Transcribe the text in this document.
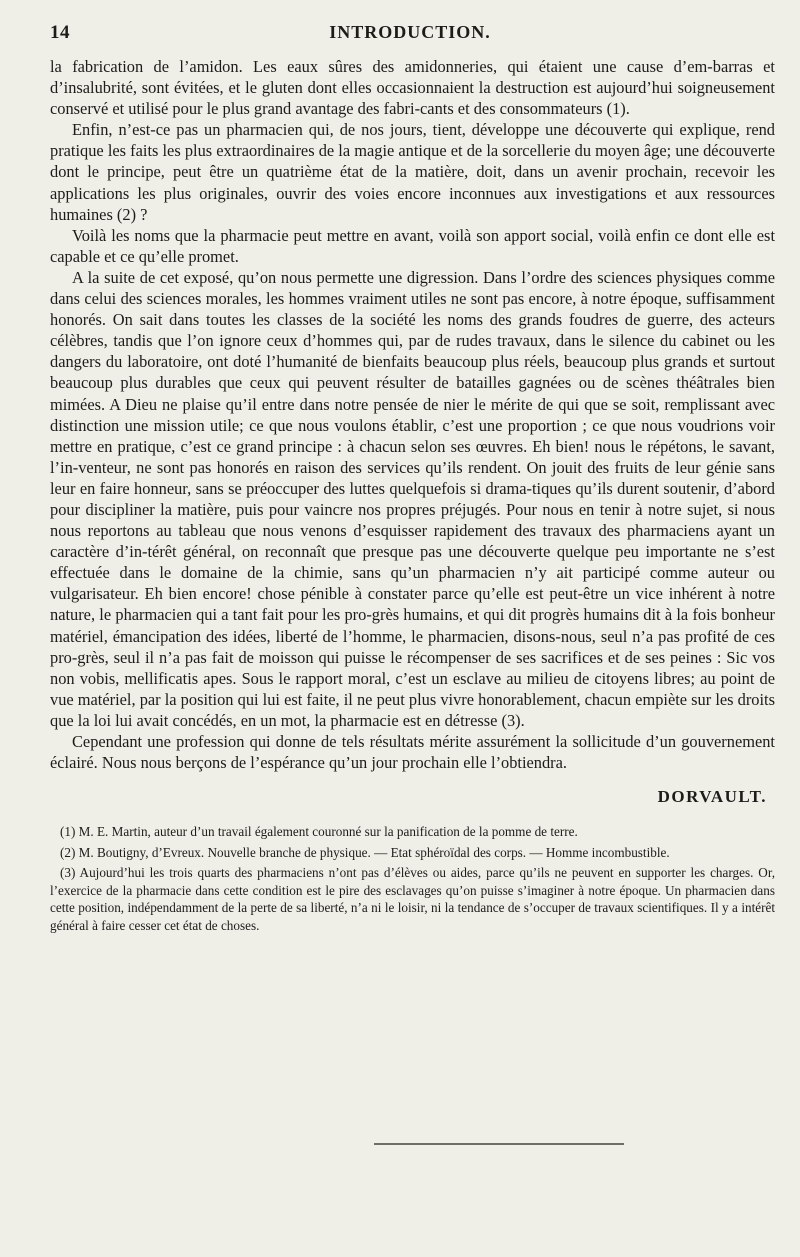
14	INTRODUCTION.

la fabrication de l’amidon. Les eaux sûres des amidonneries, qui étaient une cause d’em-barras et d’insalubrité, sont évitées, et le gluten dont elles occasionnaient la destruction est aujourd’hui soigneusement conservé et utilisé pour le plus grand avantage des fabri-cants et des consommateurs (1).

Enfin, n’est-ce pas un pharmacien qui, de nos jours, tient, développe une découverte qui explique, rend pratique les faits les plus extraordinaires de la magie antique et de la sorcellerie du moyen âge; une découverte dont le principe, peut être un quatrième état de la matière, doit, dans un avenir prochain, recevoir les applications les plus originales, ouvrir des voies encore inconnues aux investigations et aux ressources humaines (2) ?

Voilà les noms que la pharmacie peut mettre en avant, voilà son apport social, voilà enfin ce dont elle est capable et ce qu’elle promet.

A la suite de cet exposé, qu’on nous permette une digression. Dans l’ordre des sciences physiques comme dans celui des sciences morales, les hommes vraiment utiles ne sont pas encore, à notre époque, suffisamment honorés. On sait dans toutes les classes de la société les noms des grands foudres de guerre, des acteurs célèbres, tandis que l’on ignore ceux d’hommes qui, par de rudes travaux, dans le silence du cabinet ou les dangers du laboratoire, ont doté l’humanité de bienfaits beaucoup plus réels, beaucoup plus grands et surtout beaucoup plus durables que ceux qui peuvent résulter de batailles gagnées ou de scènes théâtrales bien mimées. A Dieu ne plaise qu’il entre dans notre pensée de nier le mérite de qui que se soit, remplissant avec distinction une mission utile; ce que nous voulons établir, c’est une proportion ; ce que nous voudrions voir mettre en pratique, c’est ce grand principe : à chacun selon ses œuvres. Eh bien! nous le répétons, le savant, l’in-venteur, ne sont pas honorés en raison des services qu’ils rendent. On jouit des fruits de leur génie sans leur en faire honneur, sans se préoccuper des luttes quelquefois si drama-tiques qu’ils durent soutenir, d’abord pour discipliner la matière, puis pour vaincre nos propres préjugés. Pour nous en tenir à notre sujet, si nous nous reportons au tableau que nous venons d’esquisser rapidement des travaux des pharmaciens ayant un caractère d’in-térêt général, on reconnaît que presque pas une découverte quelque peu importante ne s’est effectuée dans le domaine de la chimie, sans qu’un pharmacien n’y ait participé comme auteur ou vulgarisateur. Eh bien encore! chose pénible à constater parce qu’elle est peut-être un vice inhérent à notre nature, le pharmacien qui a tant fait pour les pro-grès humains, et qui dit progrès humains dit à la fois bonheur matériel, émancipation des idées, liberté de l’homme, le pharmacien, disons-nous, seul n’a pas profité de ces pro-grès, seul il n’a pas fait de moisson qui puisse le récompenser de ses sacrifices et de ses peines : Sic vos non vobis, mellificatis apes. Sous le rapport moral, c’est un esclave au milieu de citoyens libres; au point de vue matériel, par la position qui lui est faite, il ne peut plus vivre honorablement, chacun empiète sur les droits que la loi lui avait concédés, en un mot, la pharmacie est en détresse (3).

Cependant une profession qui donne de tels résultats mérite assurément la sollicitude d’un gouvernement éclairé. Nous nous berçons de l’espérance qu’un jour prochain elle l’obtiendra.

DORVAULT.

(1) M. E. Martin, auteur d’un travail également couronné sur la panification de la pomme de terre.

(2) M. Boutigny, d’Evreux. Nouvelle branche de physique. — Etat sphéroïdal des corps. — Homme incombustible.

(3) Aujourd’hui les trois quarts des pharmaciens n’ont pas d’élèves ou aides, parce qu’ils ne peuvent en supporter les charges. Or, l’exercice de la pharmacie dans cette condition est le pire des esclavages qu’on puisse s’imaginer à notre époque. Un pharmacien dans cette position, indépendamment de la perte de sa liberté, n’a ni le loisir, ni la tendance de s’occuper de travaux scientifiques. Il y a intérêt général à faire cesser cet état de choses.
